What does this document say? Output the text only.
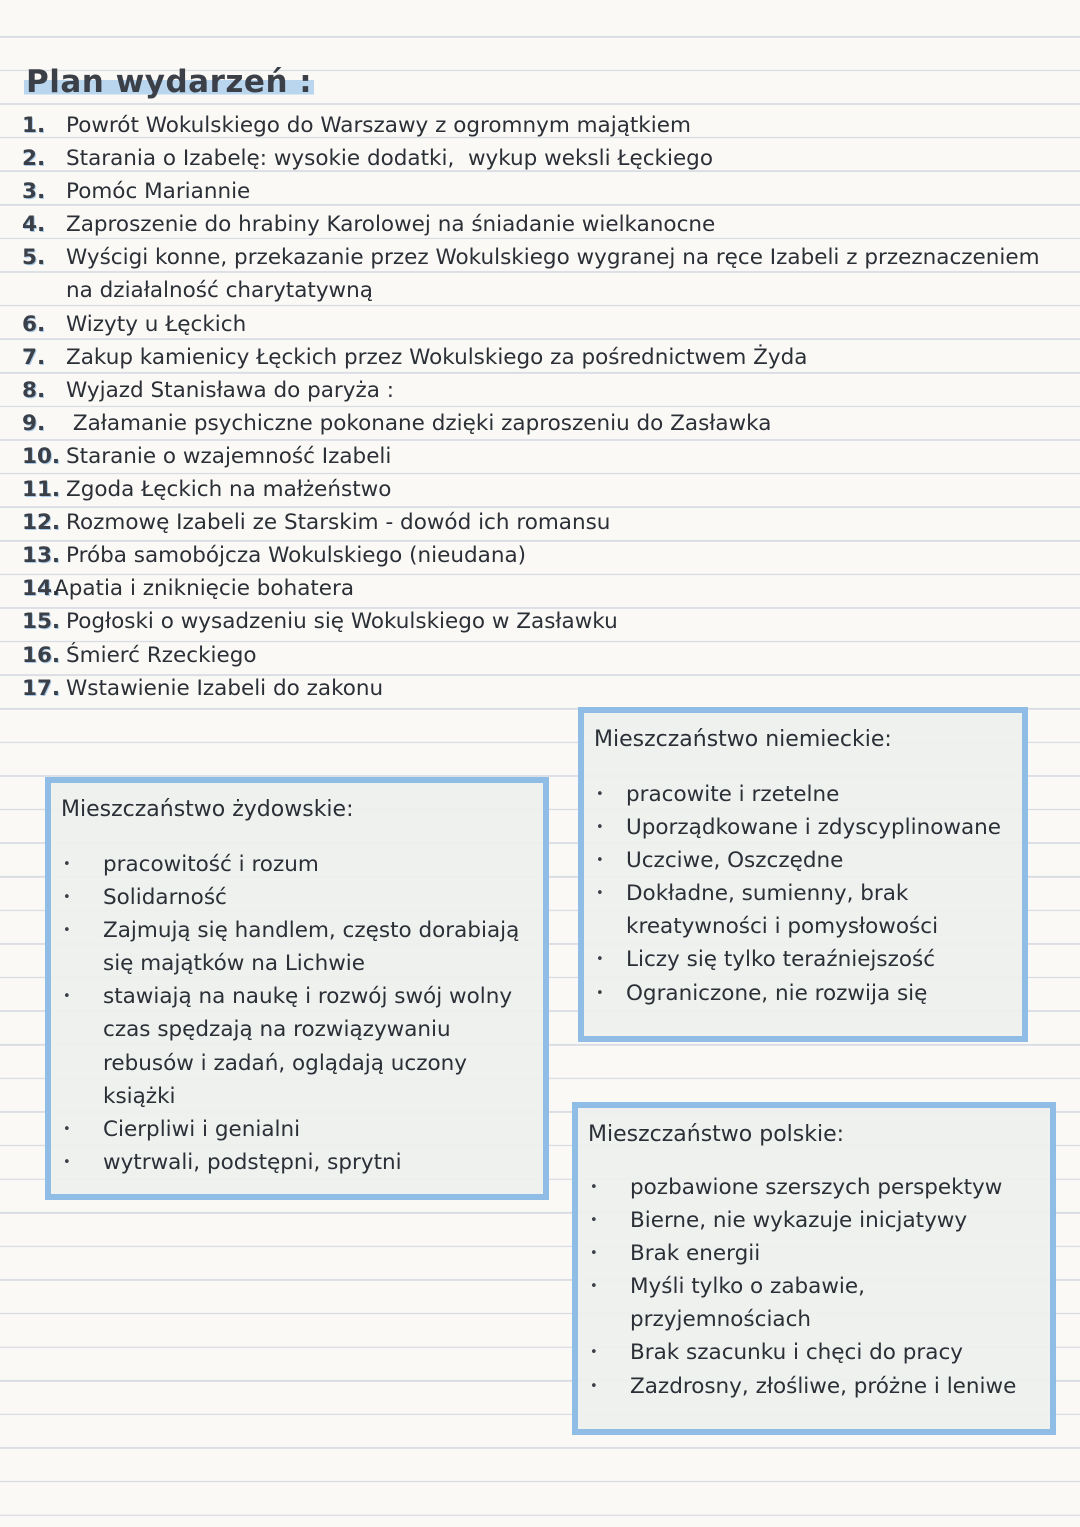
Plan wydarzeń :
1. Powrót Wokulskiego do Warszawy z ogromnym majątkiem
2. Starania o Izabelę: wysokie dodatki,  wykup weksli Łęckiego
3. Pomóc Mariannie
4. Zaproszenie do hrabiny Karolowej na śniadanie wielkanocne
5. Wyścigi konne, przekazanie przez Wokulskiego wygranej na ręce Izabeli z przeznaczeniem na działalność charytatywną
6. Wizyty u Łęckich
7. Zakup kamienicy Łęckich przez Wokulskiego za pośrednictwem Żyda
8. Wyjazd Stanisława do paryża :
9. Załamanie psychiczne pokonane dzięki zaproszeniu do Zasławka
10. Staranie o wzajemność Izabeli
11. Zgoda Łęckich na małżeństwo
12. Rozmowę Izabeli ze Starskim - dowód ich romansu
13. Próba samobójcza Wokulskiego (nieudana)
14.
Apatia i zniknięcie bohatera
15. Pogłoski o wysadzeniu się Wokulskiego w Zasławku
16. Śmierć Rzeckiego
17. Wstawienie Izabeli do zakonu
Mieszczaństwo żydowskie:
• pracowitość i rozum
• Solidarność
• Zajmują się handlem, często dorabiają się majątków na Lichwie
• stawiają na naukę i rozwój swój wolny czas spędzają na rozwiązywaniu rebusów i zadań, oglądają uczony książki
• Cierpliwi i genialni
• wytrwali, podstępni, sprytni
Mieszczaństwo niemieckie:
• pracowite i rzetelne
• Uporządkowane i zdyscyplinowane
• Uczciwe, Oszczędne
• Dokładne, sumienny, brak kreatywności i pomysłowości
• Liczy się tylko teraźniejszość
• Ograniczone, nie rozwija się
Mieszczaństwo polskie:
• pozbawione szerszych perspektyw
• Bierne, nie wykazuje inicjatywy
• Brak energii
• Myśli tylko o zabawie, przyjemnościach
• Brak szacunku i chęci do pracy
• Zazdrosny, złośliwe, próżne i leniwe
